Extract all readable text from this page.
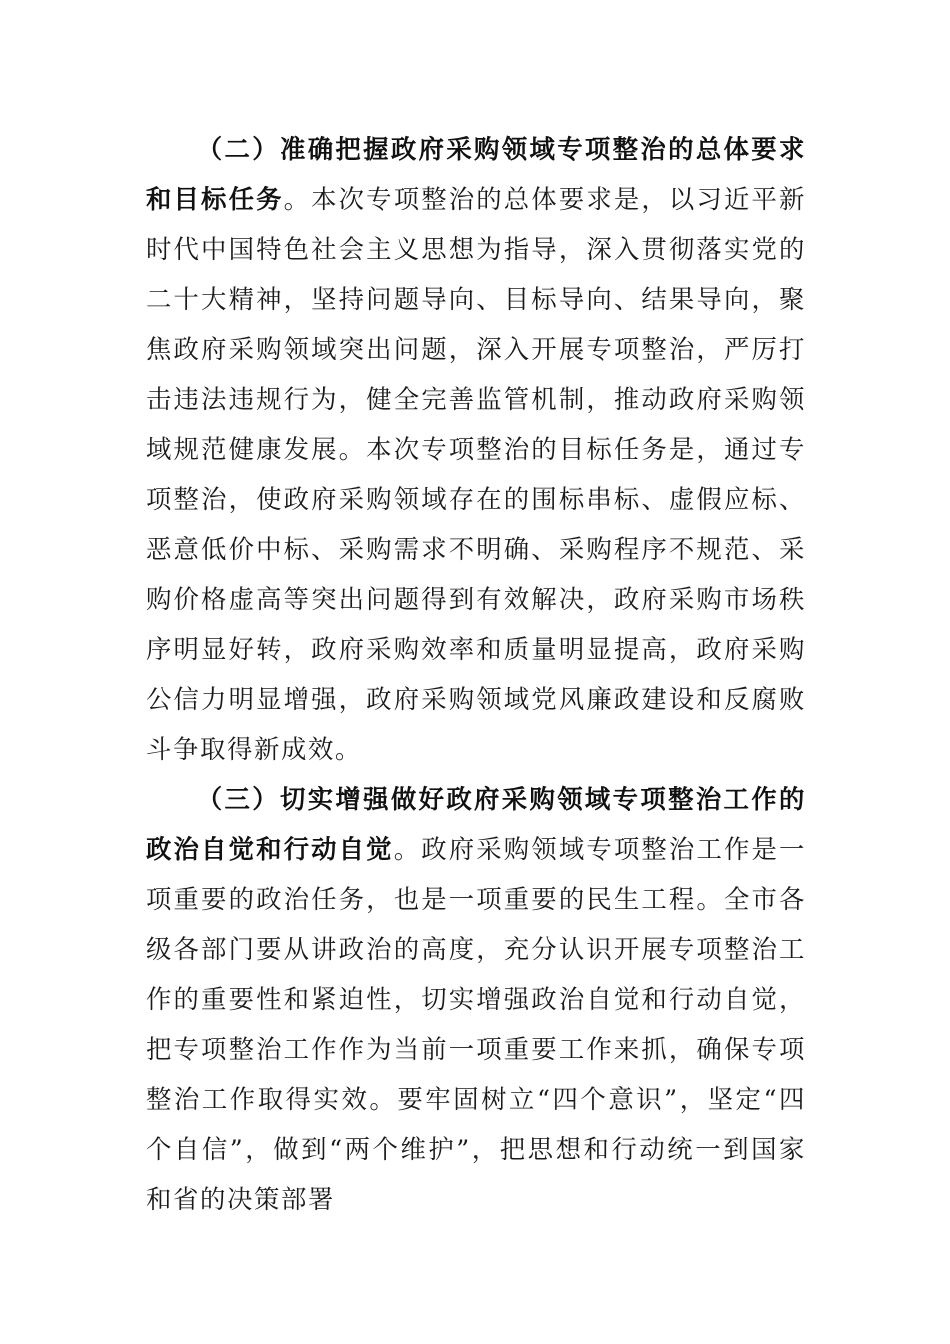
（二）准确把握政府采购领域专项整治的总体要求和目标任务。本次专项整治的总体要求是，以习近平新时代中国特色社会主义思想为指导，深入贯彻落实党的二十大精神，坚持问题导向、目标导向、结果导向，聚焦政府采购领域突出问题，深入开展专项整治，严厉打击违法违规行为，健全完善监管机制，推动政府采购领域规范健康发展。本次专项整治的目标任务是，通过专项整治，使政府采购领域存在的围标串标、虚假应标、恶意低价中标、采购需求不明确、采购程序不规范、采购价格虚高等突出问题得到有效解决，政府采购市场秩序明显好转，政府采购效率和质量明显提高，政府采购公信力明显增强，政府采购领域党风廉政建设和反腐败斗争取得新成效。

（三）切实增强做好政府采购领域专项整治工作的政治自觉和行动自觉。政府采购领域专项整治工作是一项重要的政治任务，也是一项重要的民生工程。全市各级各部门要从讲政治的高度，充分认识开展专项整治工作的重要性和紧迫性，切实增强政治自觉和行动自觉，把专项整治工作作为当前一项重要工作来抓，确保专项整治工作取得实效。要牢固树立“四个意识”，坚定“四个自信”，做到“两个维护”，把思想和行动统一到国家和省的决策部署
